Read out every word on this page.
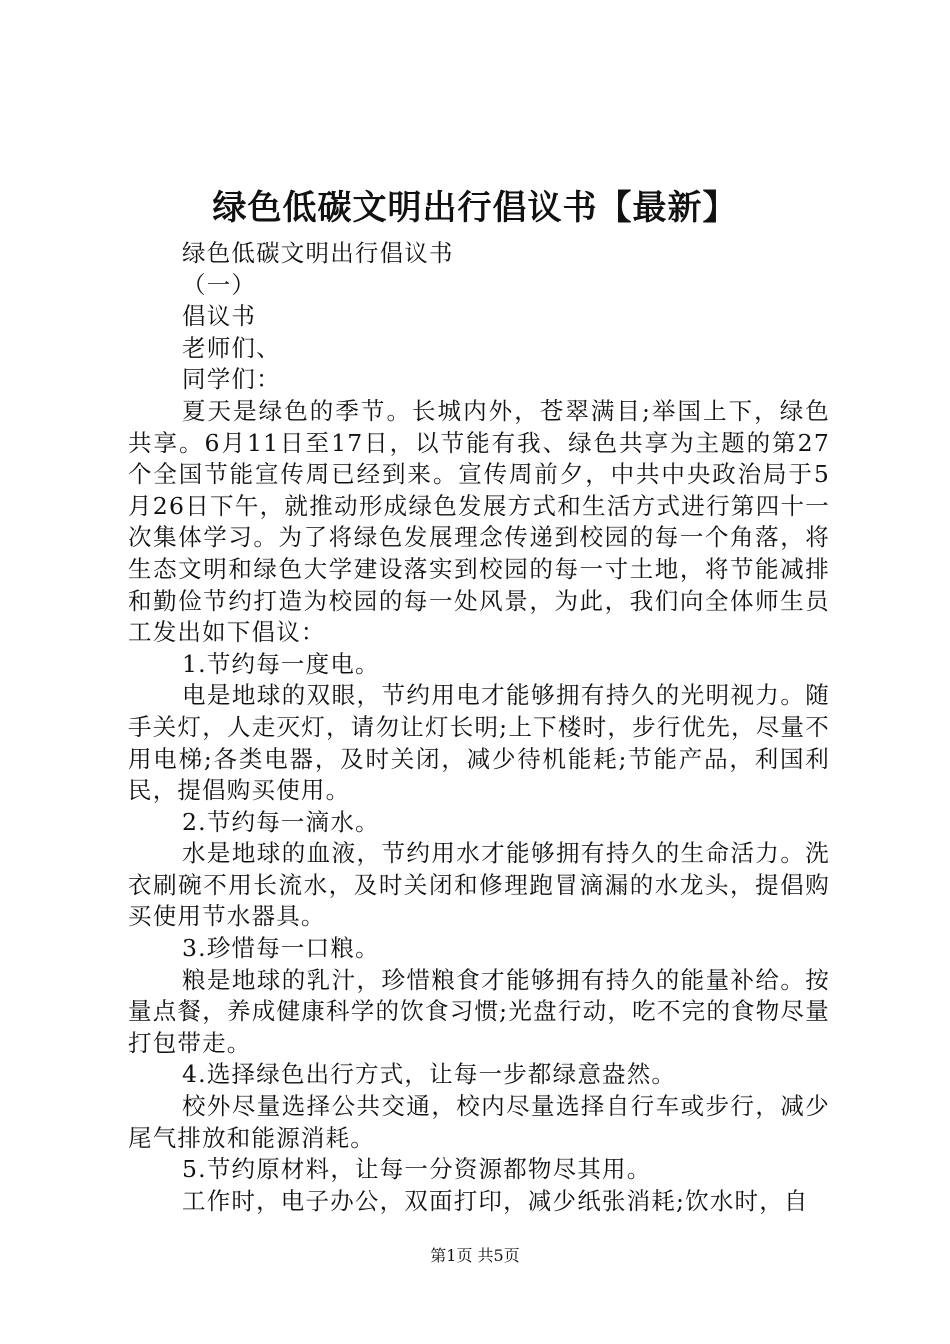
绿色低碳文明出行倡议书【最新】

绿色低碳文明出行倡议书

（一）

倡议书

老师们、

同学们：

夏天是绿色的季节。长城内外，苍翠满目;举国上下，绿色共享。6月11日至17日，以节能有我、绿色共享为主题的第27个全国节能宣传周已经到来。宣传周前夕，中共中央政治局于5月26日下午，就推动形成绿色发展方式和生活方式进行第四十一次集体学习。为了将绿色发展理念传递到校园的每一个角落，将生态文明和绿色大学建设落实到校园的每一寸土地，将节能减排和勤俭节约打造为校园的每一处风景，为此，我们向全体师生员工发出如下倡议：

1.节约每一度电。

电是地球的双眼，节约用电才能够拥有持久的光明视力。随手关灯，人走灭灯，请勿让灯长明;上下楼时，步行优先，尽量不用电梯;各类电器，及时关闭，减少待机能耗;节能产品，利国利民，提倡购买使用。

2.节约每一滴水。

水是地球的血液，节约用水才能够拥有持久的生命活力。洗衣刷碗不用长流水，及时关闭和修理跑冒滴漏的水龙头，提倡购买使用节水器具。

3.珍惜每一口粮。

粮是地球的乳汁，珍惜粮食才能够拥有持久的能量补给。按量点餐，养成健康科学的饮食习惯;光盘行动，吃不完的食物尽量打包带走。

4.选择绿色出行方式，让每一步都绿意盎然。

校外尽量选择公共交通，校内尽量选择自行车或步行，减少尾气排放和能源消耗。

5.节约原材料，让每一分资源都物尽其用。

工作时，电子办公，双面打印，减少纸张消耗;饮水时，自

第1页 共5页
